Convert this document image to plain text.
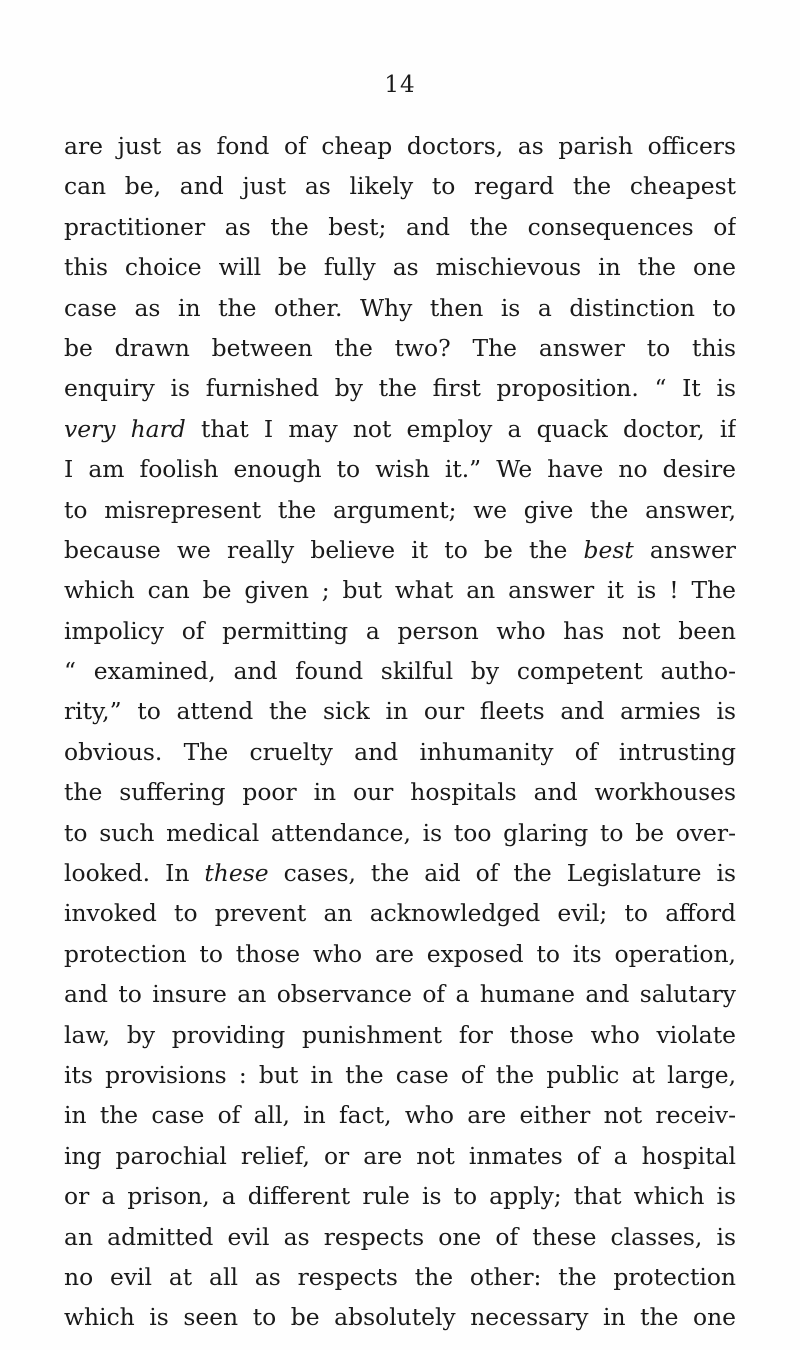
14
are just as fond of cheap doctors, as parish officers
can be, and just as likely to regard the cheapest
practitioner as the best; and the consequences of
this choice will be fully as mischievous in the one
case as in the other. Why then is a distinction to
be drawn between the two? The answer to this
enquiry is furnished by the first proposition. “ It is
very hard that I may not employ a quack doctor, if
I am foolish enough to wish it.” We have no desire
to misrepresent the argument; we give the answer,
because we really believe it to be the best answer
which can be given ; but what an answer it is ! The
impolicy of permitting a person who has not been
“ examined, and found skilful by competent autho-
rity,” to attend the sick in our fleets and armies is
obvious. The cruelty and inhumanity of intrusting
the suffering poor in our hospitals and workhouses
to such medical attendance, is too glaring to be over-
looked. In these cases, the aid of the Legislature is
invoked to prevent an acknowledged evil; to afford
protection to those who are exposed to its operation,
and to insure an observance of a humane and salutary
law, by providing punishment for those who violate
its provisions : but in the case of the public at large,
in the case of all, in fact, who are either not receiv-
ing parochial relief, or are not inmates of a hospital
or a prison, a different rule is to apply; that which is
an admitted evil as respects one of these classes, is
no evil at all as respects the other: the protection
which is seen to be absolutely necessary in the one
